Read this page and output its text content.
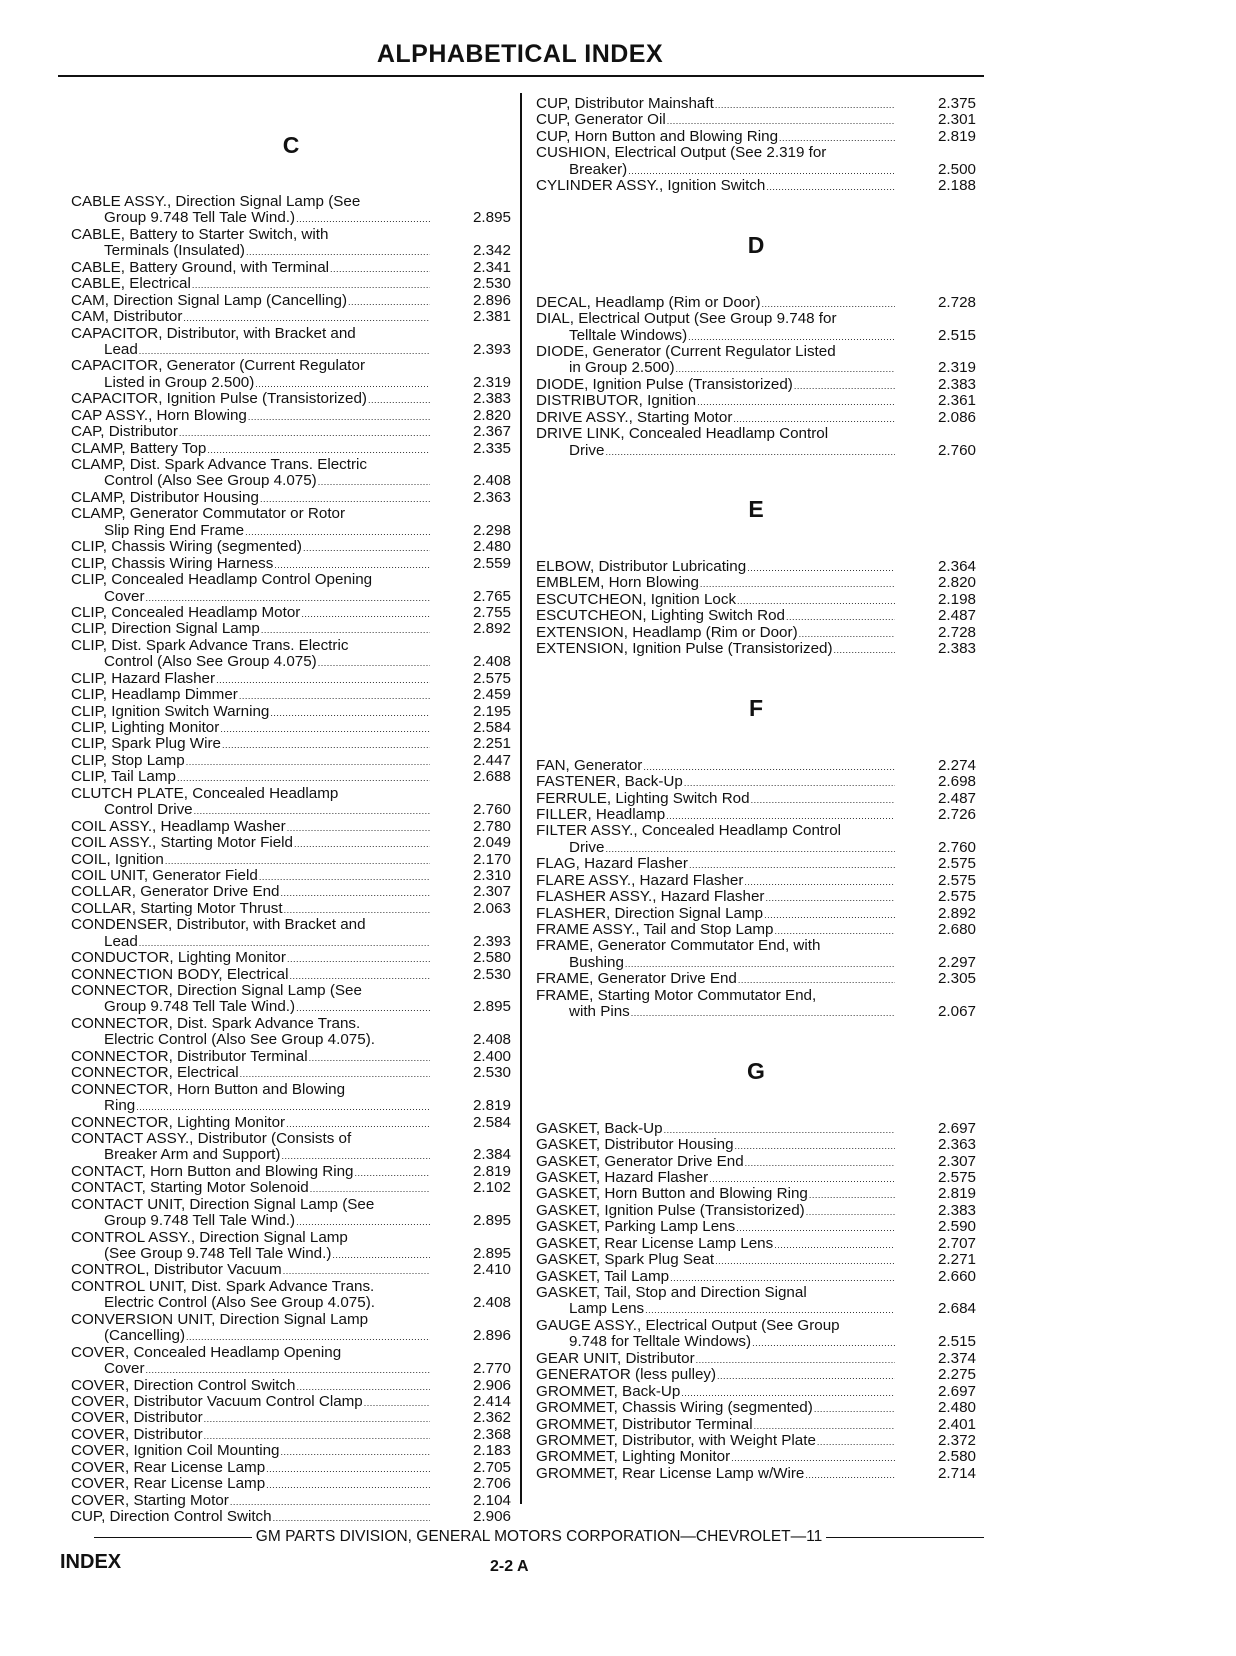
ALPHABETICAL INDEX
C
CABLE ASSY., Direction Signal Lamp (See
Group 9.748 Tell Tale Wind.) .....	2.895
CABLE, Battery to Starter Switch, with
Terminals (Insulated) .....	2.342
CABLE, Battery Ground, with Terminal .....	2.341
CABLE, Electrical .....	2.530
CAM, Direction Signal Lamp (Cancelling) .....	2.896
CAM, Distributor .....	2.381
CAPACITOR, Distributor, with Bracket and
Lead .....	2.393
CAPACITOR, Generator (Current Regulator
Listed in Group 2.500) .....	2.319
CAPACITOR, Ignition Pulse (Transistorized) .....	2.383
CAP ASSY., Horn Blowing .....	2.820
CAP, Distributor .....	2.367
CLAMP, Battery Top .....	2.335
CLAMP, Dist. Spark Advance Trans. Electric
Control (Also See Group 4.075) .....	2.408
CLAMP, Distributor Housing .....	2.363
CLAMP, Generator Commutator or Rotor
Slip Ring End Frame .....	2.298
CLIP, Chassis Wiring (segmented) .....	2.480
CLIP, Chassis Wiring Harness .....	2.559
CLIP, Concealed Headlamp Control Opening
Cover .....	2.765
CLIP, Concealed Headlamp Motor .....	2.755
CLIP, Direction Signal Lamp .....	2.892
CLIP, Dist. Spark Advance Trans. Electric
Control (Also See Group 4.075) .....	2.408
CLIP, Hazard Flasher .....	2.575
CLIP, Headlamp Dimmer .....	2.459
CLIP, Ignition Switch Warning .....	2.195
CLIP, Lighting Monitor .....	2.584
CLIP, Spark Plug Wire .....	2.251
CLIP, Stop Lamp .....	2.447
CLIP, Tail Lamp .....	2.688
CLUTCH PLATE, Concealed Headlamp
Control Drive .....	2.760
COIL ASSY., Headlamp Washer .....	2.780
COIL ASSY., Starting Motor Field .....	2.049
COIL, Ignition .....	2.170
COIL UNIT, Generator Field .....	2.310
COLLAR, Generator Drive End .....	2.307
COLLAR, Starting Motor Thrust .....	2.063
CONDENSER, Distributor, with Bracket and
Lead .....	2.393
CONDUCTOR, Lighting Monitor .....	2.580
CONNECTION BODY, Electrical .....	2.530
CONNECTOR, Direction Signal Lamp (See
Group 9.748 Tell Tale Wind.) .....	2.895
CONNECTOR, Dist. Spark Advance Trans.
Electric Control (Also See Group 4.075).	2.408
CONNECTOR, Distributor Terminal .....	2.400
CONNECTOR, Electrical .....	2.530
CONNECTOR, Horn Button and Blowing
Ring .....	2.819
CONNECTOR, Lighting Monitor .....	2.584
CONTACT ASSY., Distributor (Consists of
Breaker Arm and Support) .....	2.384
CONTACT, Horn Button and Blowing Ring .....	2.819
CONTACT, Starting Motor Solenoid .....	2.102
CONTACT UNIT, Direction Signal Lamp (See
Group 9.748 Tell Tale Wind.) .....	2.895
CONTROL ASSY., Direction Signal Lamp
(See Group 9.748 Tell Tale Wind.) .....	2.895
CONTROL, Distributor Vacuum .....	2.410
CONTROL UNIT, Dist. Spark Advance Trans.
Electric Control (Also See Group 4.075).	2.408
CONVERSION UNIT, Direction Signal Lamp
(Cancelling) .....	2.896
COVER, Concealed Headlamp Opening
Cover .....	2.770
COVER, Direction Control Switch .....	2.906
COVER, Distributor Vacuum Control Clamp .....	2.414
COVER, Distributor .....	2.362
COVER, Distributor .....	2.368
COVER, Ignition Coil Mounting .....	2.183
COVER, Rear License Lamp .....	2.705
COVER, Rear License Lamp .....	2.706
COVER, Starting Motor .....	2.104
CUP, Direction Control Switch .....	2.906
CUP, Distributor Mainshaft .....	2.375
CUP, Generator Oil .....	2.301
CUP, Horn Button and Blowing Ring .....	2.819
CUSHION, Electrical Output (See 2.319 for
Breaker) .....	2.500
CYLINDER ASSY., Ignition Switch .....	2.188
D
DECAL, Headlamp (Rim or Door) .....	2.728
DIAL, Electrical Output (See Group 9.748 for
Telltale Windows) .....	2.515
DIODE, Generator (Current Regulator Listed
in Group 2.500) .....	2.319
DIODE, Ignition Pulse (Transistorized) .....	2.383
DISTRIBUTOR, Ignition .....	2.361
DRIVE ASSY., Starting Motor .....	2.086
DRIVE LINK, Concealed Headlamp Control
Drive .....	2.760
E
ELBOW, Distributor Lubricating .....	2.364
EMBLEM, Horn Blowing .....	2.820
ESCUTCHEON, Ignition Lock .....	2.198
ESCUTCHEON, Lighting Switch Rod .....	2.487
EXTENSION, Headlamp (Rim or Door) .....	2.728
EXTENSION, Ignition Pulse (Transistorized) .....	2.383
F
FAN, Generator .....	2.274
FASTENER, Back-Up .....	2.698
FERRULE, Lighting Switch Rod .....	2.487
FILLER, Headlamp .....	2.726
FILTER ASSY., Concealed Headlamp Control
Drive .....	2.760
FLAG, Hazard Flasher .....	2.575
FLARE ASSY., Hazard Flasher .....	2.575
FLASHER ASSY., Hazard Flasher .....	2.575
FLASHER, Direction Signal Lamp .....	2.892
FRAME ASSY., Tail and Stop Lamp .....	2.680
FRAME, Generator Commutator End, with
Bushing .....	2.297
FRAME, Generator Drive End .....	2.305
FRAME, Starting Motor Commutator End,
with Pins .....	2.067
G
GASKET, Back-Up .....	2.697
GASKET, Distributor Housing .....	2.363
GASKET, Generator Drive End .....	2.307
GASKET, Hazard Flasher .....	2.575
GASKET, Horn Button and Blowing Ring .....	2.819
GASKET, Ignition Pulse (Transistorized) .....	2.383
GASKET, Parking Lamp Lens .....	2.590
GASKET, Rear License Lamp Lens .....	2.707
GASKET, Spark Plug Seat .....	2.271
GASKET, Tail Lamp .....	2.660
GASKET, Tail, Stop and Direction Signal
Lamp Lens .....	2.684
GAUGE ASSY., Electrical Output (See Group
9.748 for Telltale Windows) .....	2.515
GEAR UNIT, Distributor .....	2.374
GENERATOR (less pulley) .....	2.275
GROMMET, Back-Up .....	2.697
GROMMET, Chassis Wiring (segmented) .....	2.480
GROMMET, Distributor Terminal .....	2.401
GROMMET, Distributor, with Weight Plate .....	2.372
GROMMET, Lighting Monitor .....	2.580
GROMMET, Rear License Lamp w/Wire .....	2.714
GM PARTS DIVISION, GENERAL MOTORS CORPORATION—CHEVROLET—11
INDEX	2-2 A
